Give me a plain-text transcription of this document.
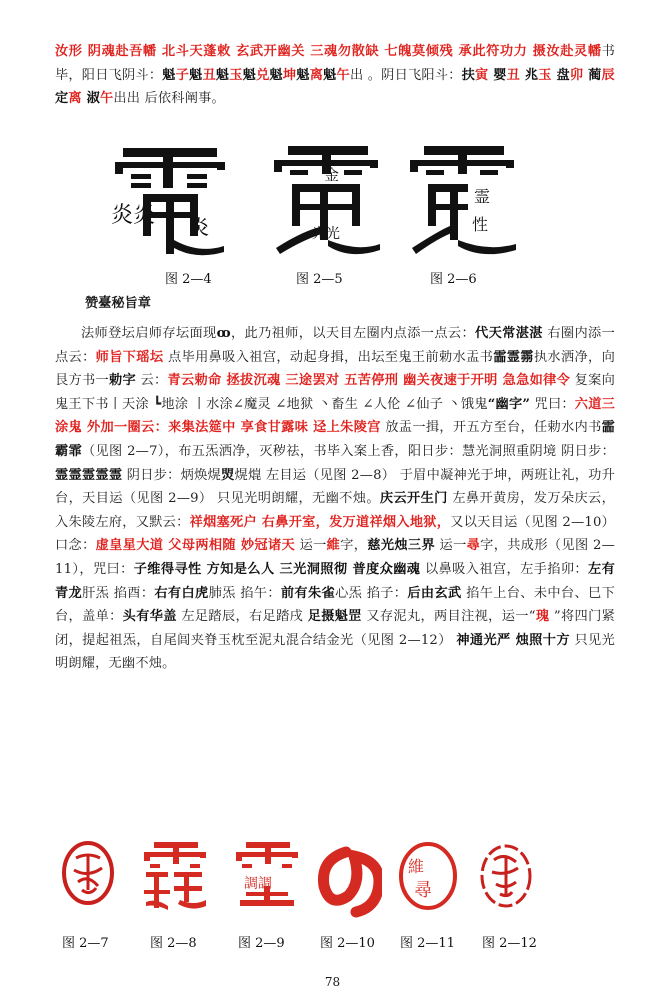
汝形 阴魂赴吾幡 北斗天蓬敕 玄武开幽关 三魂勿散缺 七魄莫倾残 承此符功力 摄汝赴灵幡书毕，阳日飞阴斗：魁子魁丑魁玉魁兑魁坤魁离魁午出 。阴日飞阳斗：扶寅 婴丑 兆玉 盘卯 蔺辰 定离 淑午出出 后依科阐事。
炎炎 炎
金
光光
霊
性
图 2—4	图 2—5	图 2—6
赞臺秘旨章
法师登坛启师存坛面现ꝏ，此乃祖师，以天目左圈内点添一点云：代天常湛湛 右圈内添一点云：师旨下瑶坛 点毕用鼻吸入祖宫，动起身揖，出坛至鬼王前勅水盂书霝霊霛执水洒净，向艮方书一勅字 云：青云勅命 拯拔沉魂 三途罢对 五苦停刑 幽关夜速于开明 急急如律令 复案向鬼王下书丨天涂 ┗地涂 丨水涂∠魔灵 ∠地狱 丶畜生 ∠人伦 ∠仙子 丶饿鬼“幽字” 咒曰：六道三涂鬼 外加一圈云：来集法筵中 享食甘露味 迳上朱陵宫 放盂一揖，开五方至台，任勅水内书霝霸霏（见图 2—7），布五炁洒净，灭秽祛，书毕入案上香，阳日步：慧光洞照重阴境 阴日步：霊霊霊霊霊 阴日步：炳焕熀焽熀熴 左目运（见图 2—8） 于眉中凝神光于坤，两班让礼，功升台，天目运（见图 2—9） 只见光明朗耀，无幽不烛。庆云开生门 左鼻开黄房，发万朵庆云，入朱陵左府，又默云：祥烟塞死户 右鼻开室，发万道祥烟入地狱，又以天目运（见图 2—10） 口念：虚皇星大道 父母两相随 妙冠诸天 运一維字，慈光烛三界 运一尋字，共成形（见图 2—11），咒曰：子维得寻性 方知是么人 三光洞照彻 普度众幽魂 以鼻吸入祖宫，左手掐卯：左有青龙肝炁 掐酉：右有白虎肺炁 掐午：前有朱雀心炁 掐子：后由玄武 掐午上台、未中台、巳下台，盖单：头有华盖 左足踏辰，右足踏戌 足摄魁罡 又存泥丸，两目注视，运一“瑰 ”将四门紧闭，提起祖炁，自尾闾夹脊玉枕至泥丸混合结金光（见图 2—12） 神通光严 烛照十方 只见光明朗耀，无幽不烛。
調調
維
尋
图 2—7	图 2—8	图 2—9	图 2—10 图 2—11 图 2—12
78
